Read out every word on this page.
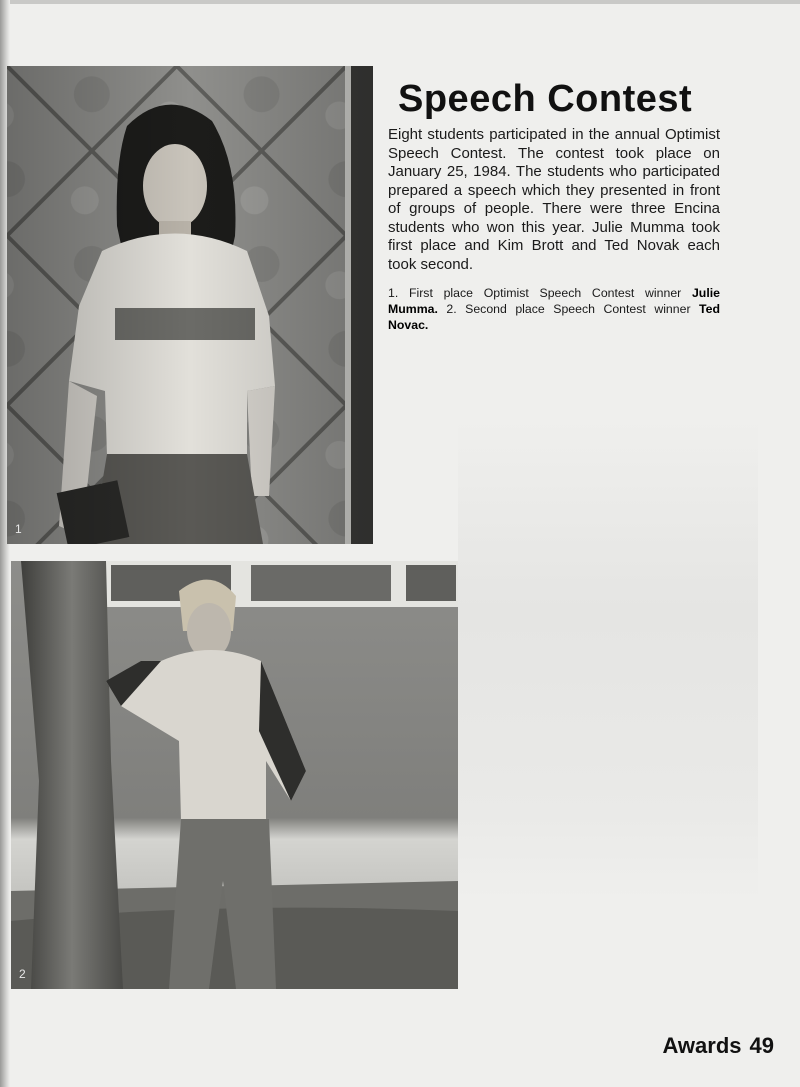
1
2
Speech Contest

Eight students participated in the annual Optimist Speech Contest. The contest took place on January 25, 1984. The students who participated prepared a speech which they presented in front of groups of people. There were three Encina students who won this year. Julie Mumma took first place and Kim Brott and Ted Novak each took second.

1. First place Optimist Speech Contest winner Julie Mumma. 2. Second place Speech Contest winner Ted Novac.

Awards 49
